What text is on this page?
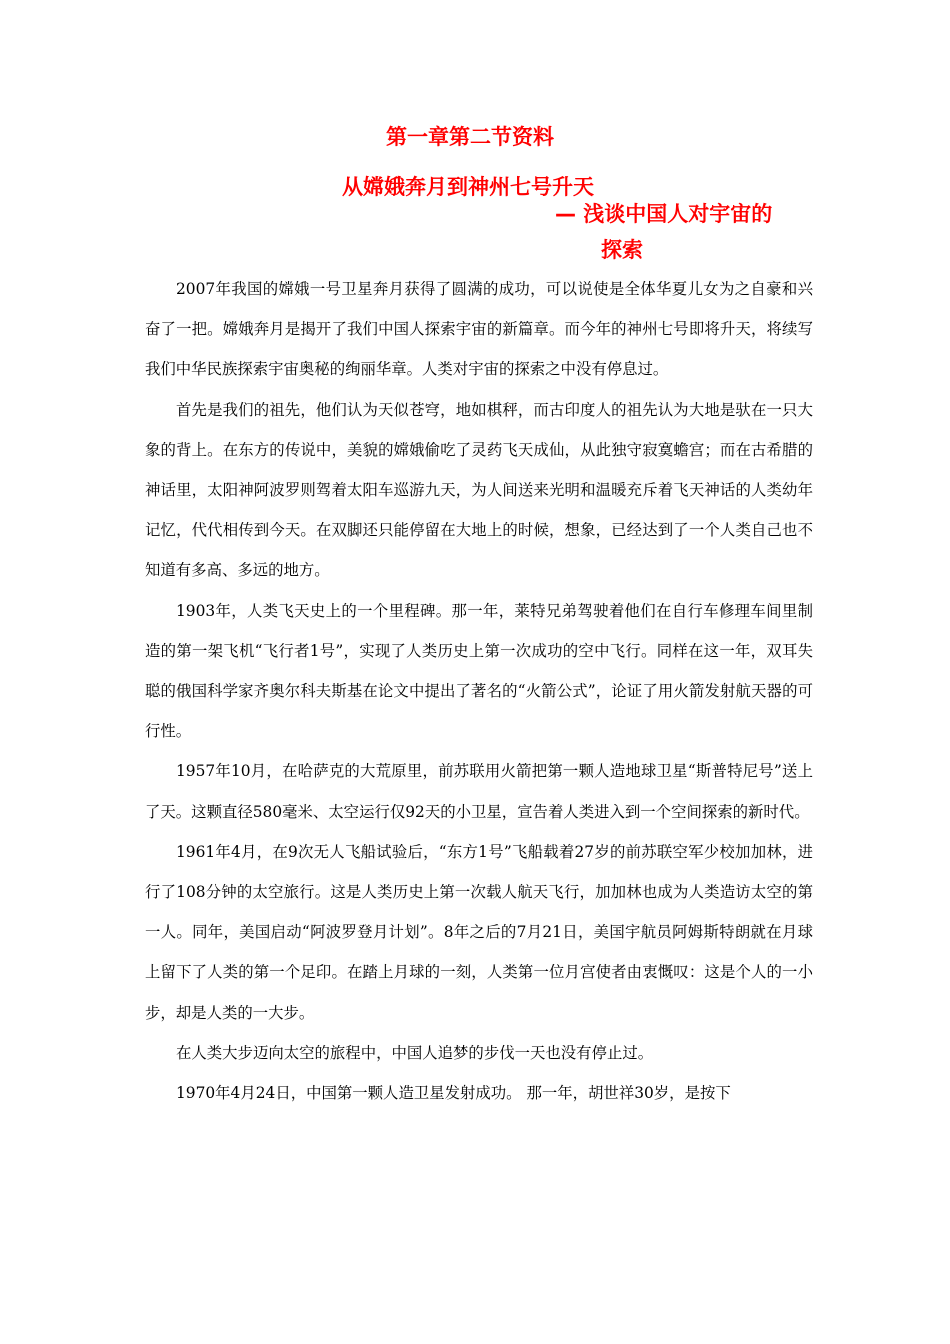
第一章第二节资料
从嫦娥奔月到神州七号升天
— 浅谈中国人对宇宙的
探索

2007年我国的嫦娥一号卫星奔月获得了圆满的成功，可以说使是全体华夏儿女为之自豪和兴奋了一把。嫦娥奔月是揭开了我们中国人探索宇宙的新篇章。而今年的神州七号即将升天，将续写我们中华民族探索宇宙奥秘的绚丽华章。人类对宇宙的探索之中没有停息过。

首先是我们的祖先，他们认为天似苍穹，地如棋秤，而古印度人的祖先认为大地是驮在一只大象的背上。在东方的传说中，美貌的嫦娥偷吃了灵药飞天成仙，从此独守寂寞蟾宫；而在古希腊的神话里，太阳神阿波罗则驾着太阳车巡游九天，为人间送来光明和温暖充斥着飞天神话的人类幼年记忆，代代相传到今天。在双脚还只能停留在大地上的时候，想象，已经达到了一个人类自己也不知道有多高、多远的地方。

1903年，人类飞天史上的一个里程碑。那一年，莱特兄弟驾驶着他们在自行车修理车间里制造的第一架飞机“飞行者1号”，实现了人类历史上第一次成功的空中飞行。同样在这一年，双耳失聪的俄国科学家齐奥尔科夫斯基在论文中提出了著名的“火箭公式”，论证了用火箭发射航天器的可行性。

1957年10月，在哈萨克的大荒原里，前苏联用火箭把第一颗人造地球卫星“斯普特尼号”送上了天。这颗直径580毫米、太空运行仅92天的小卫星，宣告着人类进入到一个空间探索的新时代。

1961年4月，在9次无人飞船试验后，“东方1号”飞船载着27岁的前苏联空军少校加加林，进行了108分钟的太空旅行。这是人类历史上第一次载人航天飞行，加加林也成为人类造访太空的第一人。同年，美国启动“阿波罗登月计划”。8年之后的7月21日，美国宇航员阿姆斯特朗就在月球上留下了人类的第一个足印。在踏上月球的一刻，人类第一位月宫使者由衷慨叹：这是个人的一小步，却是人类的一大步。

在人类大步迈向太空的旅程中，中国人追梦的步伐一天也没有停止过。

1970年4月24日，中国第一颗人造卫星发射成功。 那一年，胡世祥30岁，是按下
